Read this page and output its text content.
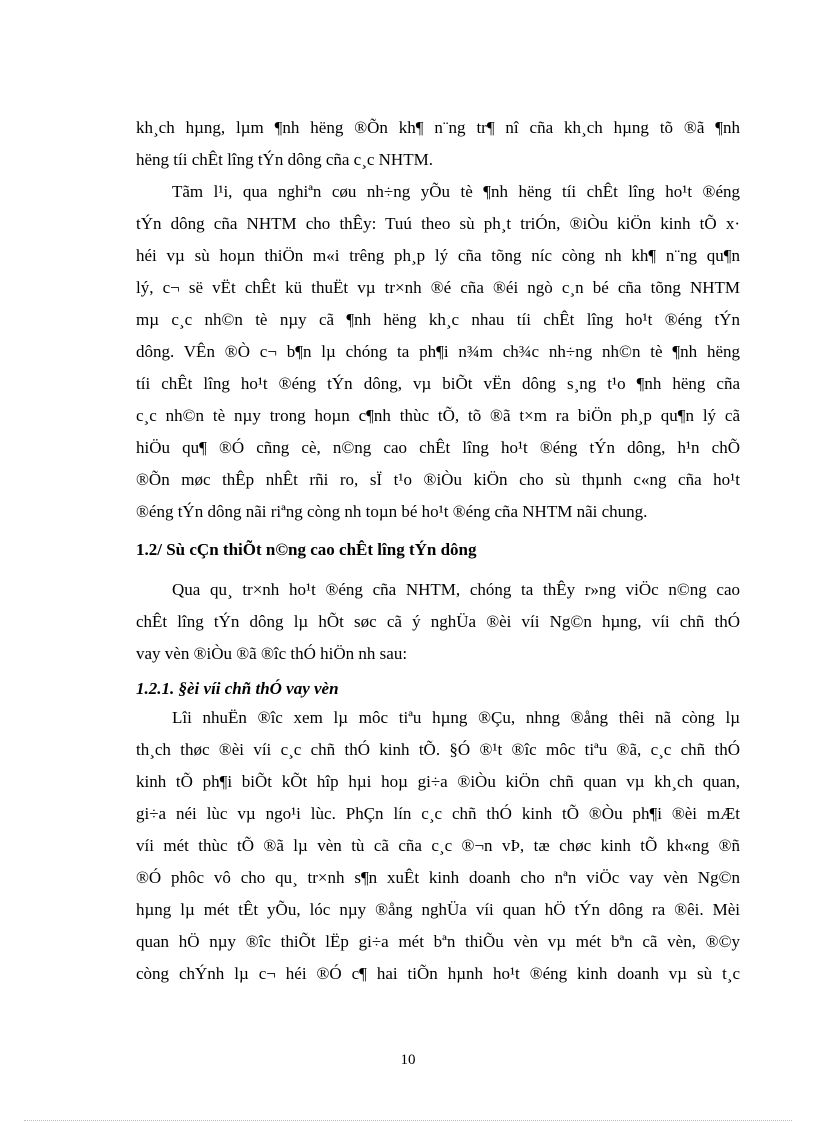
kh¸ch hµng, lµm ¶nh hëng ®Õn kh¶ n¨ng tr¶ nî cña kh¸ch hµng tõ ®ã ¶nh
hëng tíi chÊt lîng tÝn dông cña c¸c NHTM.
Tãm l¹i, qua nghiªn cøu nh÷ng yÕu tè ¶nh hëng tíi chÊt lîng ho¹t ®éng
tÝn dông cña NHTM cho thÊy: Tuú theo sù ph¸t triÓn, ®iÒu kiÖn kinh tÕ x·
héi vµ sù hoµn thiÖn m«i trêng ph¸p lý cña tõng níc còng nh kh¶ n¨ng qu¶n
lý, c¬ së vËt chÊt kü thuËt vµ tr×nh ®é cña ®éi ngò c¸n bé cña tõng NHTM
mµ c¸c nh©n tè nµy cã ¶nh hëng kh¸c nhau tíi chÊt lîng ho¹t ®éng tÝn
dông. VÊn ®Ò c¬ b¶n lµ chóng ta ph¶i n¾m ch¾c nh÷ng nh©n tè ¶nh hëng
tíi chÊt lîng ho¹t ®éng tÝn dông, vµ biÕt vËn dông s¸ng t¹o ¶nh hëng cña
c¸c nh©n tè nµy trong hoµn c¶nh thùc tÕ, tõ ®ã t×m ra biÖn ph¸p qu¶n lý cã
hiÖu qu¶ ®Ó cñng cè, n©ng cao chÊt lîng ho¹t ®éng tÝn dông, h¹n chÕ
®Õn møc thÊp nhÊt rñi ro, sÏ t¹o ®iÒu kiÖn cho sù thµnh c«ng cña ho¹t
®éng tÝn dông nãi riªng còng nh toµn bé ho¹t ®éng cña NHTM nãi chung.
1.2/ Sù cÇn thiÕt n©ng cao chÊt lîng tÝn dông
Qua qu¸ tr×nh ho¹t ®éng cña NHTM, chóng ta thÊy r»ng viÖc n©ng cao
chÊt lîng tÝn dông lµ hÕt søc cã ý nghÜa ®èi víi Ng©n hµng, víi chñ thÓ
vay vèn ®iÒu ®ã ®îc thÓ hiÖn nh sau:
1.2.1. §èi víi chñ thÓ vay vèn
Lîi nhuËn ®îc xem lµ môc tiªu hµng ®Çu, nhng ®ång thêi nã còng lµ
th¸ch thøc ®èi víi c¸c chñ thÓ kinh tÕ. §Ó ®¹t ®îc môc tiªu ®ã, c¸c chñ thÓ
kinh tÕ ph¶i biÕt kÕt hîp hµi hoµ gi÷a ®iÒu kiÖn chñ quan vµ kh¸ch quan,
gi÷a néi lùc vµ ngo¹i lùc. PhÇn lín c¸c chñ thÓ kinh tÕ ®Òu ph¶i ®èi mÆt
víi mét thùc tÕ ®ã lµ vèn tù cã cña c¸c ®¬n vÞ, tæ chøc kinh tÕ kh«ng ®ñ
®Ó phôc vô cho qu¸ tr×nh s¶n xuÊt kinh doanh cho nªn viÖc vay vèn Ng©n
hµng lµ mét tÊt yÕu, lóc nµy ®ång nghÜa víi quan hÖ tÝn dông ra ®êi. Mèi
quan hÖ nµy ®îc thiÕt lËp gi÷a mét bªn thiÕu vèn vµ mét bªn cã vèn, ®©y
còng chÝnh lµ c¬ héi ®Ó c¶ hai tiÕn hµnh ho¹t ®éng kinh doanh vµ sù t¸c
10
